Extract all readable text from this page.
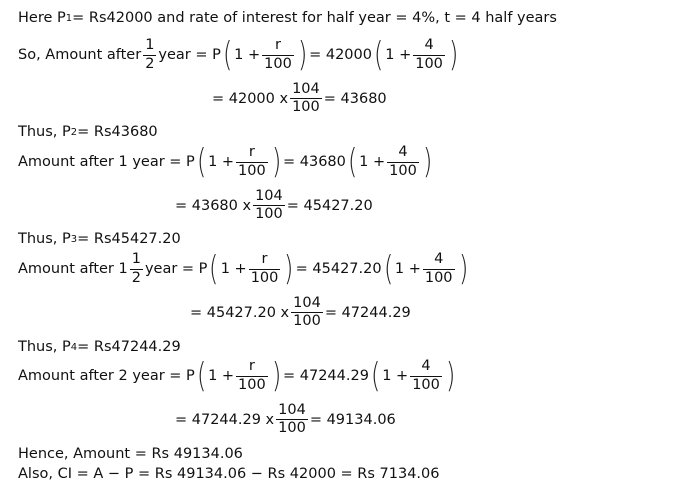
Here P 1 = Rs42000 and rate of interest for half year = 4%, t = 4 half years
So, Amount after $\frac{1}{2}$ year = P ( $1 + \frac{r}{100}$ ) = 42000 ( $1 + \frac{4}{100}$ )
= 42000 x $\frac{104}{100} = 43680$
Thus, P 2 = Rs43680
Amount after 1 year = P ( $1 + \frac{r}{100}$ ) = 43680 ( $1 + \frac{4}{100}$ )
= 43680 x $\frac{104}{100} = 45427.20$
Thus, P 3 = Rs45427.20
Amount after $1 \frac{1}{2}$ year = P ( $1 + \frac{r}{100}$ ) = 45427.20 ( $1 + \frac{4}{100}$ )
= 45427.20 x $\frac{104}{100} = 47244.29$
Thus, P 4 = Rs47244.29
Amount after 2 year = P ( $1 + \frac{r}{100}$ ) = 47244.29 ( $1 + \frac{4}{100}$ )
= 47244.29 x $\frac{104}{100} = 49134.06$
Hence, Amount = Rs 49134.06
Also, CI = A − P = Rs 49134.06 − Rs 42000 = Rs 7134.06
